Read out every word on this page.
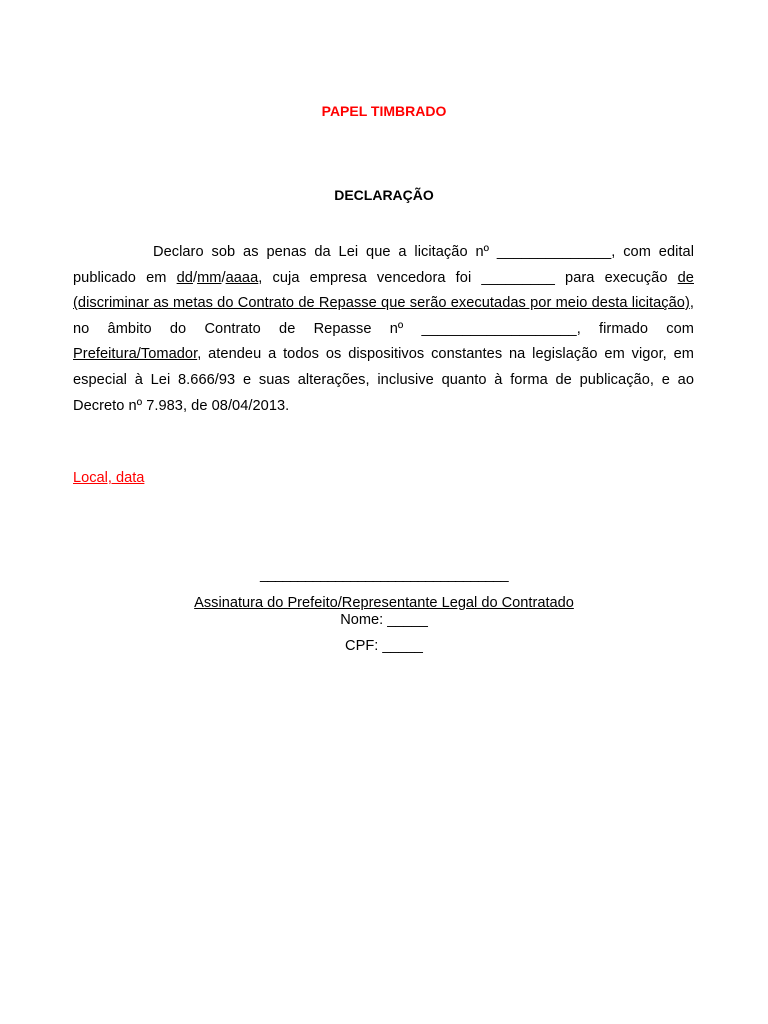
PAPEL TIMBRADO
DECLARAÇÃO

Declaro sob as penas da Lei que a licitação nº ______________, com edital publicado em dd/mm/aaaa, cuja empresa vencedora foi _________ para execução de (discriminar as metas do Contrato de Repasse que serão executadas por meio desta licitação), no âmbito do Contrato de Repasse nº ___________________, firmado com Prefeitura/Tomador, atendeu a todos os dispositivos constantes na legislação em vigor, em especial à Lei 8.666/93 e suas alterações, inclusive quanto à forma de publicação, e ao Decreto nº 7.983, de 08/04/2013.

Local, data
_________________________________
Assinatura do Prefeito/Representante Legal do Contratado
Nome: _____
CPF: _____
